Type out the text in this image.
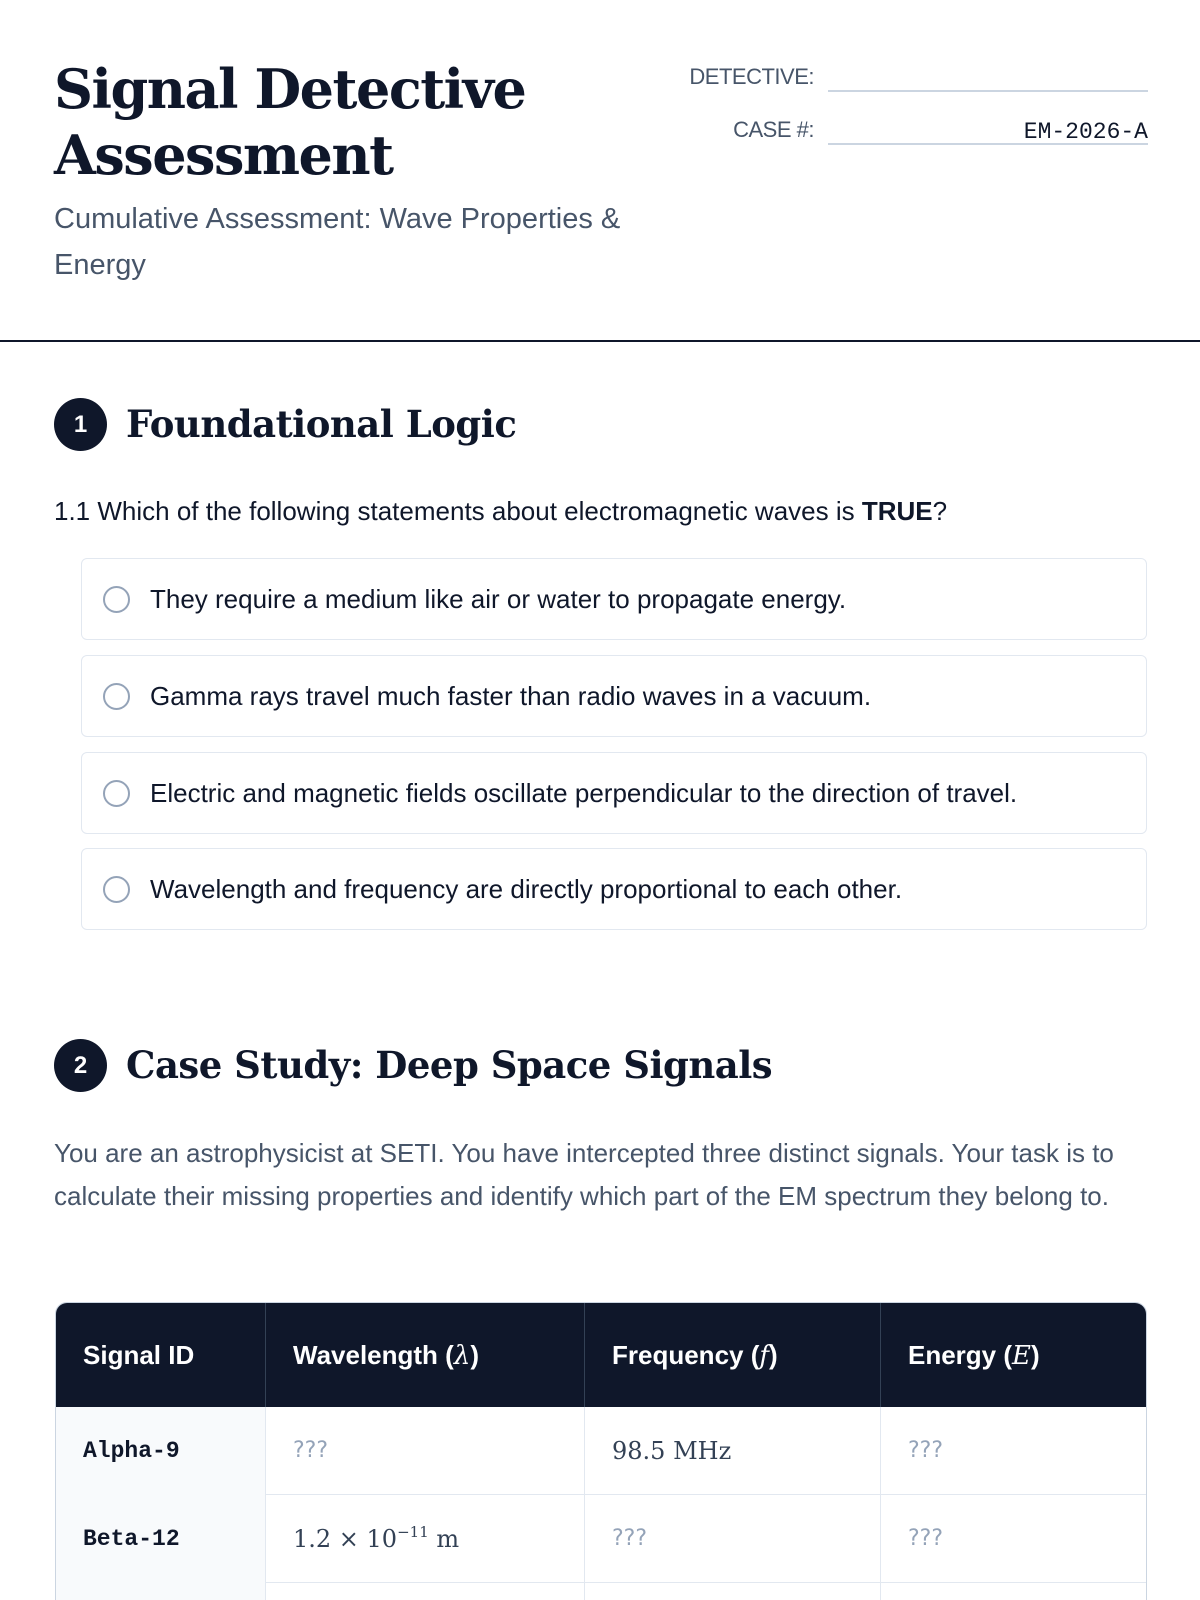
Signal Detective Assessment
Cumulative Assessment: Wave Properties & Energy
DETECTIVE:
CASE #:	EM-2026-A
1	Foundational Logic
1.1 Which of the following statements about electromagnetic waves is TRUE?
They require a medium like air or water to propagate energy.
Gamma rays travel much faster than radio waves in a vacuum.
Electric and magnetic fields oscillate perpendicular to the direction of travel.
Wavelength and frequency are directly proportional to each other.
2	Case Study: Deep Space Signals
You are an astrophysicist at SETI. You have intercepted three distinct signals. Your task is to calculate their missing properties and identify which part of the EM spectrum they belong to.
Signal ID	Wavelength (λ)	Frequency (f)	Energy (E)
Alpha-9	???	98.5 MHz	???
Beta-12	$1.2 \times 10^{-11}$ m	???	???
